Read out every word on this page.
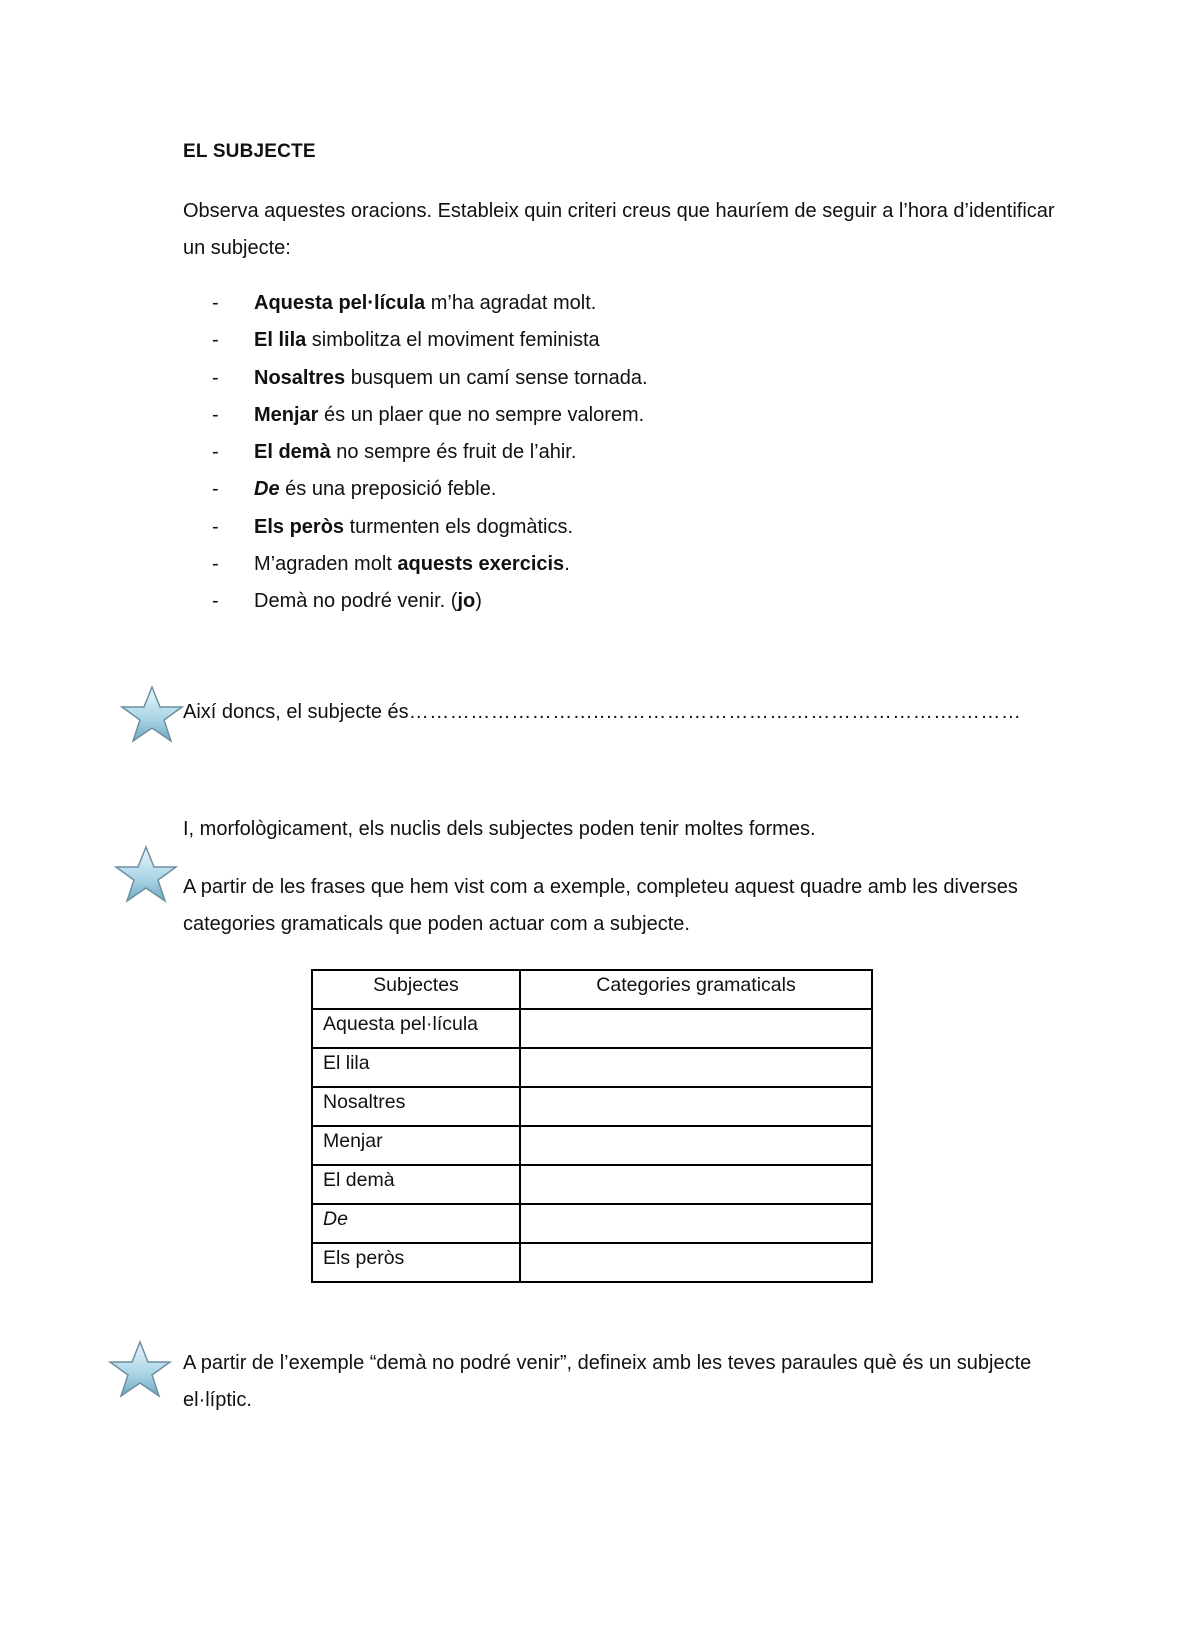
EL SUBJECTE
Observa aquestes oracions. Estableix quin criteri creus que hauríem de seguir a l’hora d’identificar un subjecte:
- Aquesta pel·lícula m’ha agradat molt.
- El lila simbolitza el moviment feminista
- Nosaltres busquem un camí sense tornada.
- Menjar és un plaer que no sempre valorem.
- El demà no sempre és fruit de l’ahir.
- De és una preposició feble.
- Els peròs turmenten els dogmàtics.
- M’agraden molt aquests exercicis.
- Demà no podré venir. (jo)
Així doncs, el subjecte és………………………..…………………………………………….………
I, morfològicament, els nuclis dels subjectes poden tenir moltes formes.
A partir de les frases que hem vist com a exemple, completeu aquest quadre amb les diverses categories gramaticals que poden actuar com a subjecte.
Subjectes	Categories gramaticals
Aquesta pel·lícula	
El lila	
Nosaltres	
Menjar	
El demà	
De	
Els peròs	
A partir de l’exemple “demà no podré venir”, defineix amb les teves paraules què és un subjecte el·líptic.
